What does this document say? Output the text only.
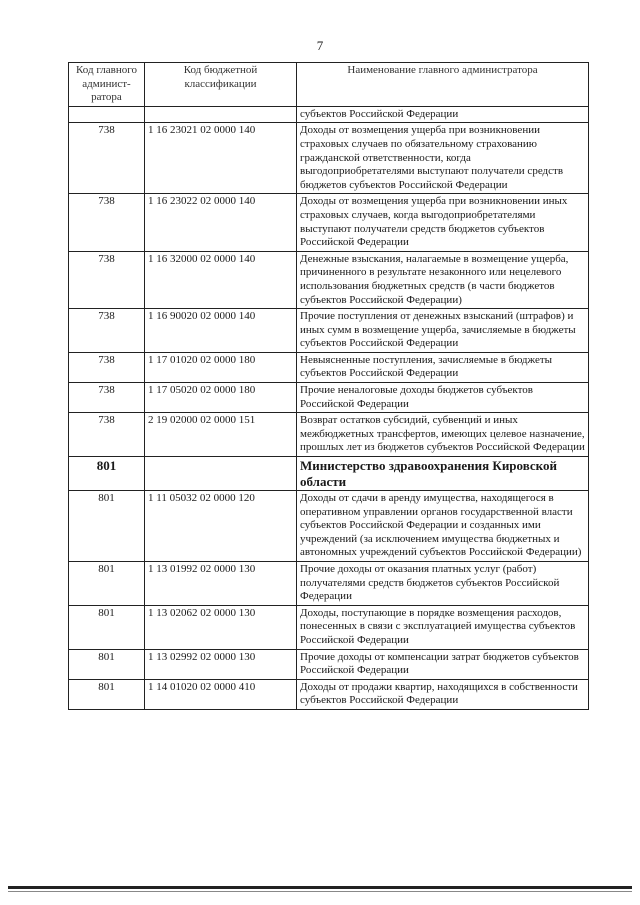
7
Код главного админист-ратора	Код бюджетной классификации	Наименование главного администратора
		субъектов Российской Федерации
738	1 16 23021 02 0000 140	Доходы от возмещения ущерба при возникновении страховых случаев по обязательному страхованию гражданской ответственности, когда выгодоприобретателями выступают получатели средств бюджетов субъектов Российской Федерации
738	1 16 23022 02 0000 140	Доходы от возмещения ущерба при возникновении иных страховых случаев, когда выгодоприобретателями выступают получатели средств бюджетов субъектов Российской Федерации
738	1 16 32000 02 0000 140	Денежные взыскания, налагаемые в возмещение ущерба, причиненного в результате незаконного или нецелевого использования бюджетных средств (в части бюджетов субъектов Российской Федерации)
738	1 16 90020 02 0000 140	Прочие поступления от денежных взысканий (штрафов) и иных сумм в возмещение ущерба, зачисляемые в бюджеты субъектов Российской Федерации
738	1 17 01020 02 0000 180	Невыясненные поступления, зачисляемые в бюджеты субъектов Российской Федерации
738	1 17 05020 02 0000 180	Прочие неналоговые доходы бюджетов субъектов Российской Федерации
738	2 19 02000 02 0000 151	Возврат остатков субсидий, субвенций и иных межбюджетных трансфертов, имеющих целевое назначение, прошлых лет из бюджетов субъектов Российской Федерации
801		Министерство здравоохранения Кировской области
801	1 11 05032 02 0000 120	Доходы от сдачи в аренду имущества, находящегося в оперативном управлении органов государственной власти субъектов Российской Федерации и созданных ими учреждений (за исключением имущества бюджетных и автономных учреждений субъектов Российской Федерации)
801	1 13 01992 02 0000 130	Прочие доходы от оказания платных услуг (работ) получателями средств бюджетов субъектов Российской Федерации
801	1 13 02062 02 0000 130	Доходы, поступающие в порядке возмещения расходов, понесенных в связи с эксплуатацией имущества субъектов Российской Федерации
801	1 13 02992 02 0000 130	Прочие доходы от компенсации затрат бюджетов субъектов Российской Федерации
801	1 14 01020 02 0000 410	Доходы от продажи квартир, находящихся в собственности субъектов Российской Федерации
